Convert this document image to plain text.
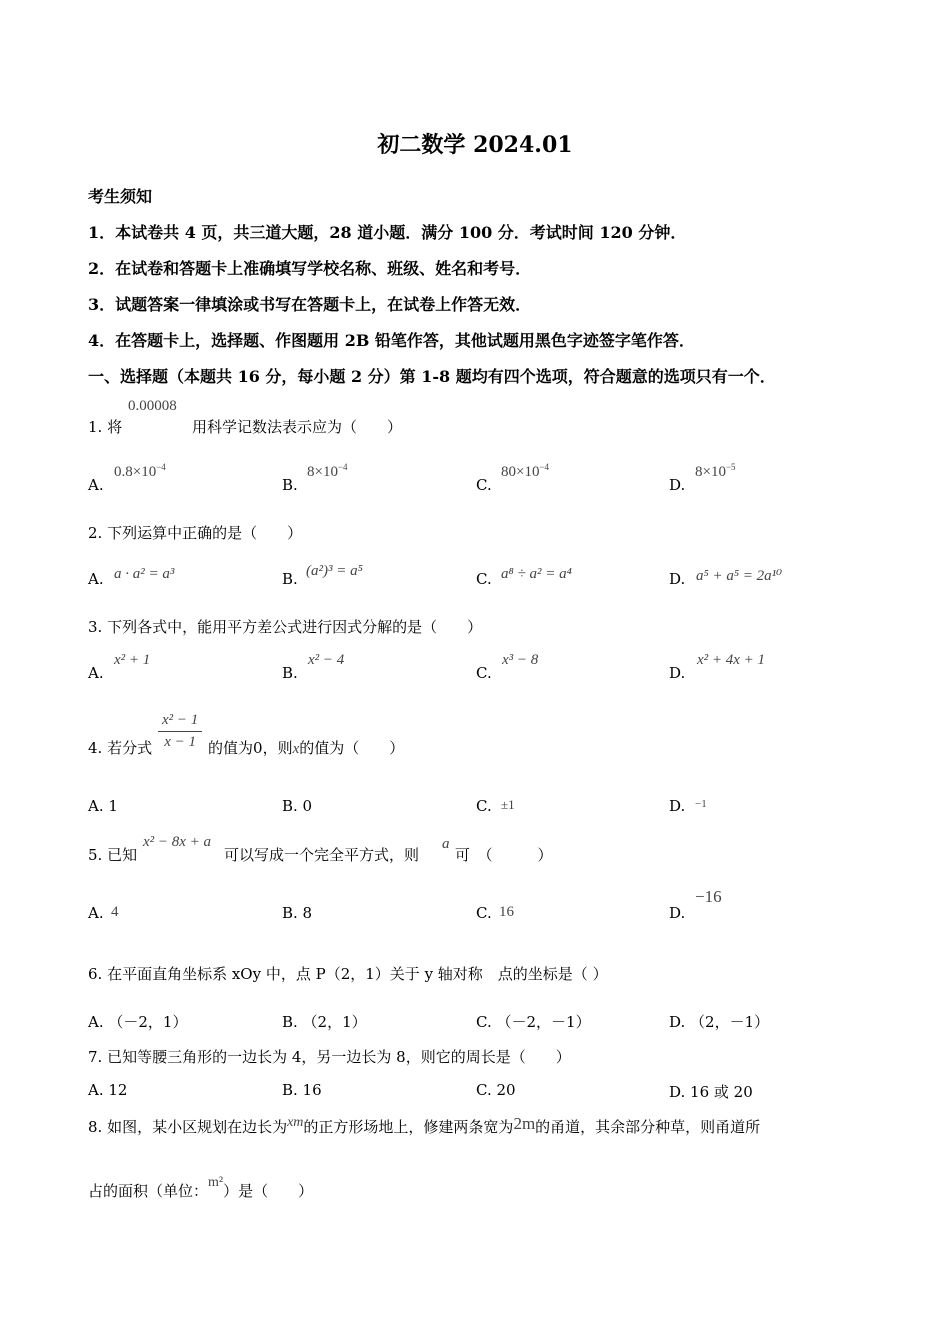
初二数学 2024.01
考生须知
1．本试卷共 4 页，共三道大题，28 道小题．满分 100 分．考试时间 120 分钟．
2．在试卷和答题卡上准确填写学校名称、班级、姓名和考号．
3．试题答案一律填涂或书写在答题卡上，在试卷上作答无效．
4．在答题卡上，选择题、作图题用 2B 铅笔作答，其他试题用黑色字迹签字笔作答．
一、选择题（本题共 16 分，每小题 2 分）第 1-8 题均有四个选项，符合题意的选项只有一个．
1. 将
0.00008
用科学记数法表示应为（　　）
A.
$0.8\times 10^{-4}$
B.
$8\times 10^{-4}$
C.
$80\times 10^{-4}$
D.
$8\times 10^{-5}$
2. 下列运算中正确的是（　　）
A. a · a² = a³	B. (a²)³ = a⁵	C. a⁸ ÷ a² = a⁴	D. a⁵ + a⁵ = 2a¹⁰
3. 下列各式中，能用平方差公式进行因式分解的是（　　）
A.
x² + 1
B.
x² − 4
C.
x³ − 8
D.
x² + 4x + 1
4. 若分式 $\frac{\text{x² − 1}}{x - 1}$ 的值为0，则x的值为（　　）
A. 1	B. 0	C. ±1	D. −1
5. 已知
x² − 8x + a
可以写成一个完全平方式，则
a
可　（　　　）
A. 4	B. 8	C. 16	D.
−16
6. 在平面直角坐标系 xOy 中，点 P（2，1）关于 y 轴对称　点的坐标是（ ）
A. （－2，1）	B. （2，1）	C. （－2，－1）	D. （2，－1）
7. 已知等腰三角形的一边长为 4，另一边长为 8，则它的周长是（　　）
A. 12	B. 16	C. 20	D. 16 或 20
8. 如图，某小区规划在边长为xm的正方形场地上，修建两条宽为2m的甬道，其余部分种草，则甬道所
占的面积（单位：m²）是（　　）
